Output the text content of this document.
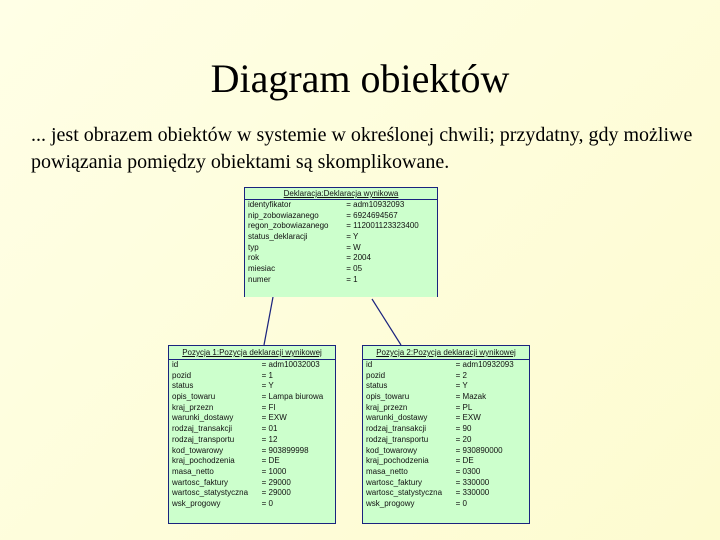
Diagram obiektów
... jest obrazem obiektów w systemie w określonej chwili; przydatny, gdy możliwe powiązania pomiędzy obiektami są skomplikowane.
Deklaracja:Deklaracja wynikowa
identyfikator	= adm10932093
nip_zobowiazanego	= 6924694567
regon_zobowiazanego	= 112001123323400
status_deklaracji	= Y
typ	= W
rok	= 2004
miesiac	= 05
numer	= 1
Pozycja 1:Pozycja deklaracji wynikowej
id	= adm10032003
pozid	= 1
status	= Y
opis_towaru	= Lampa biurowa
kraj_przezn	= FI
warunki_dostawy	= EXW
rodzaj_transakcji	= 01
rodzaj_transportu	= 12
kod_towarowy	= 903899998
kraj_pochodzenia	= DE
masa_netto	= 1000
wartosc_faktury	= 29000
wartosc_statystyczna	= 29000
wsk_progowy	= 0
Pozycja 2:Pozycja deklaracji wynikowej
id	= adm10932093
pozid	= 2
status	= Y
opis_towaru	= Mazak
kraj_przezn	= PL
warunki_dostawy	= EXW
rodzaj_transakcji	= 90
rodzaj_transportu	= 20
kod_towarowy	= 930890000
kraj_pochodzenia	= DE
masa_netto	= 0300
wartosc_faktury	= 330000
wartosc_statystyczna	= 330000
wsk_progowy	= 0
